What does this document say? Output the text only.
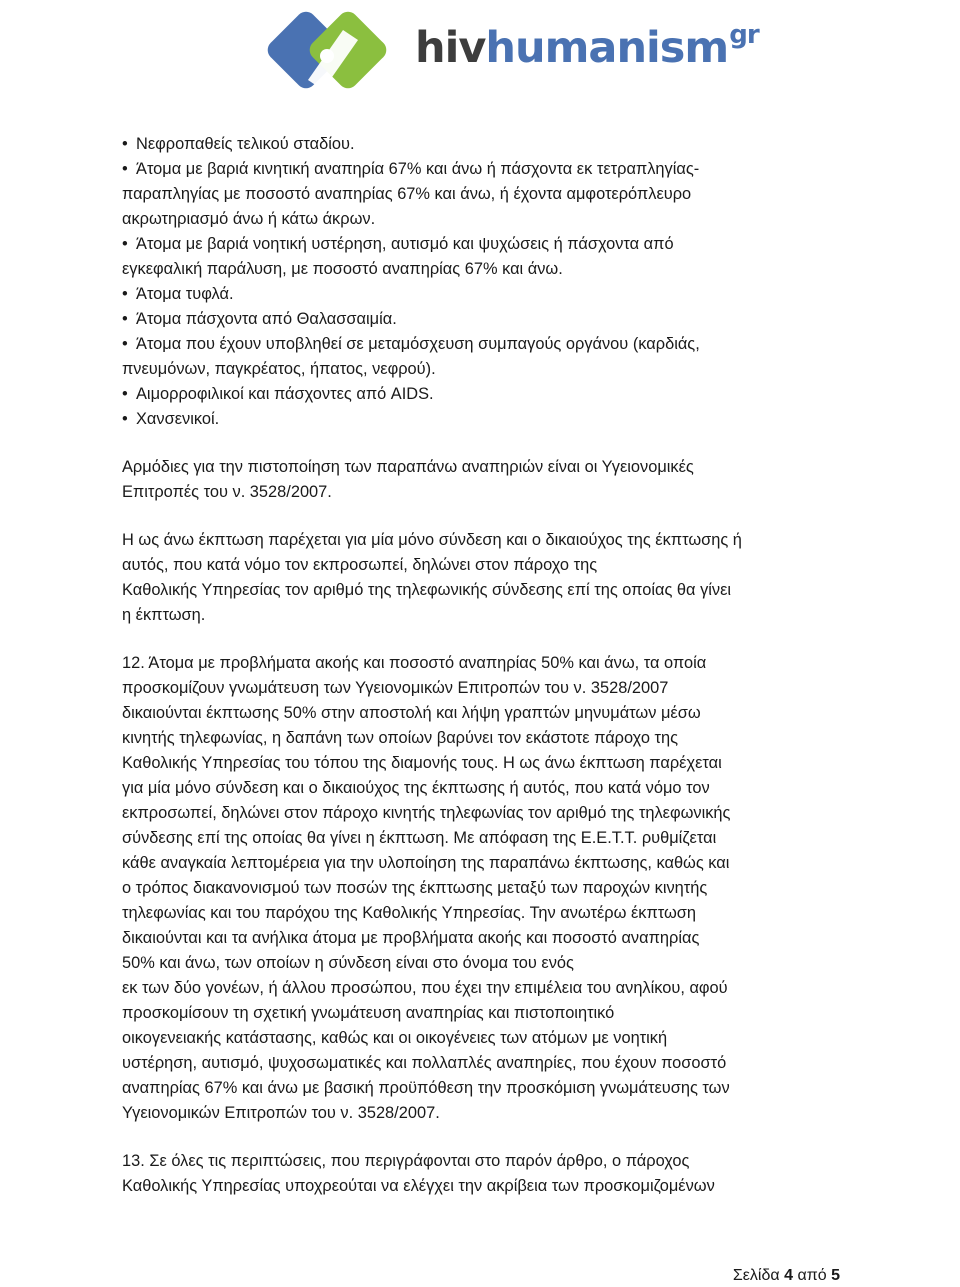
hiv humanism gr
• Νεφροπαθείς τελικού σταδίου.
• Άτομα με βαριά κινητική αναπηρία 67% και άνω ή πάσχοντα εκ τετραπληγίας-
παραπληγίας με ποσοστό αναπηρίας 67% και άνω, ή έχοντα αμφοτερόπλευρο
ακρωτηριασμό άνω ή κάτω άκρων.
• Άτομα με βαριά νοητική υστέρηση, αυτισμό και ψυχώσεις ή πάσχοντα από
εγκεφαλική παράλυση, με ποσοστό αναπηρίας 67% και άνω.
• Άτομα τυφλά.
• Άτομα πάσχοντα από Θαλασσαιμία.
• Άτομα που έχουν υποβληθεί σε μεταμόσχευση συμπαγούς οργάνου (καρδιάς,
πνευμόνων, παγκρέατος, ήπατος, νεφρού).
• Αιμορροφιλικοί και πάσχοντες από AIDS.
• Χανσενικοί.
Αρμόδιες για την πιστοποίηση των παραπάνω αναπηριών είναι οι Υγειονομικές
Επιτροπές του ν. 3528/2007.
Η ως άνω έκπτωση παρέχεται για μία μόνο σύνδεση και ο δικαιούχος της έκπτωσης ή
αυτός, που κατά νόμο τον εκπροσωπεί, δηλώνει στον πάροχο της
Καθολικής Υπηρεσίας τον αριθμό της τηλεφωνικής σύνδεσης επί της οποίας θα γίνει
η έκπτωση.
12. Άτομα με προβλήματα ακοής και ποσοστό αναπηρίας 50% και άνω, τα οποία
προσκομίζουν γνωμάτευση των Υγειονομικών Επιτροπών του ν. 3528/2007
δικαιούνται έκπτωσης 50% στην αποστολή και λήψη γραπτών μηνυμάτων μέσω
κινητής τηλεφωνίας, η δαπάνη των οποίων βαρύνει τον εκάστοτε πάροχο της
Καθολικής Υπηρεσίας του τόπου της διαμονής τους. Η ως άνω έκπτωση παρέχεται
για μία μόνο σύνδεση και ο δικαιούχος της έκπτωσης ή αυτός, που κατά νόμο τον
εκπροσωπεί, δηλώνει στον πάροχο κινητής τηλεφωνίας τον αριθμό της τηλεφωνικής
σύνδεσης επί της οποίας θα γίνει η έκπτωση. Με απόφαση της Ε.Ε.Τ.Τ. ρυθμίζεται
κάθε αναγκαία λεπτομέρεια για την υλοποίηση της παραπάνω έκπτωσης, καθώς και
ο τρόπος διακανονισμού των ποσών της έκπτωσης μεταξύ των παροχών κινητής
τηλεφωνίας και του παρόχου της Καθολικής Υπηρεσίας. Την ανωτέρω έκπτωση
δικαιούνται και τα ανήλικα άτομα με προβλήματα ακοής και ποσοστό αναπηρίας
50% και άνω, των οποίων η σύνδεση είναι στο όνομα του ενός
εκ των δύο γονέων, ή άλλου προσώπου, που έχει την επιμέλεια του ανηλίκου, αφού
προσκομίσουν τη σχετική γνωμάτευση αναπηρίας και πιστοποιητικό
οικογενειακής κατάστασης, καθώς και οι οικογένειες των ατόμων με νοητική
υστέρηση, αυτισμό, ψυχοσωματικές και πολλαπλές αναπηρίες, που έχουν ποσοστό
αναπηρίας 67% και άνω με βασική προϋπόθεση την προσκόμιση γνωμάτευσης των
Υγειονομικών Επιτροπών του ν. 3528/2007.
13. Σε όλες τις περιπτώσεις, που περιγράφονται στο παρόν άρθρο, ο πάροχος
Καθολικής Υπηρεσίας υποχρεούται να ελέγχει την ακρίβεια των προσκομιζομένων
Σελίδα 4 από 5
